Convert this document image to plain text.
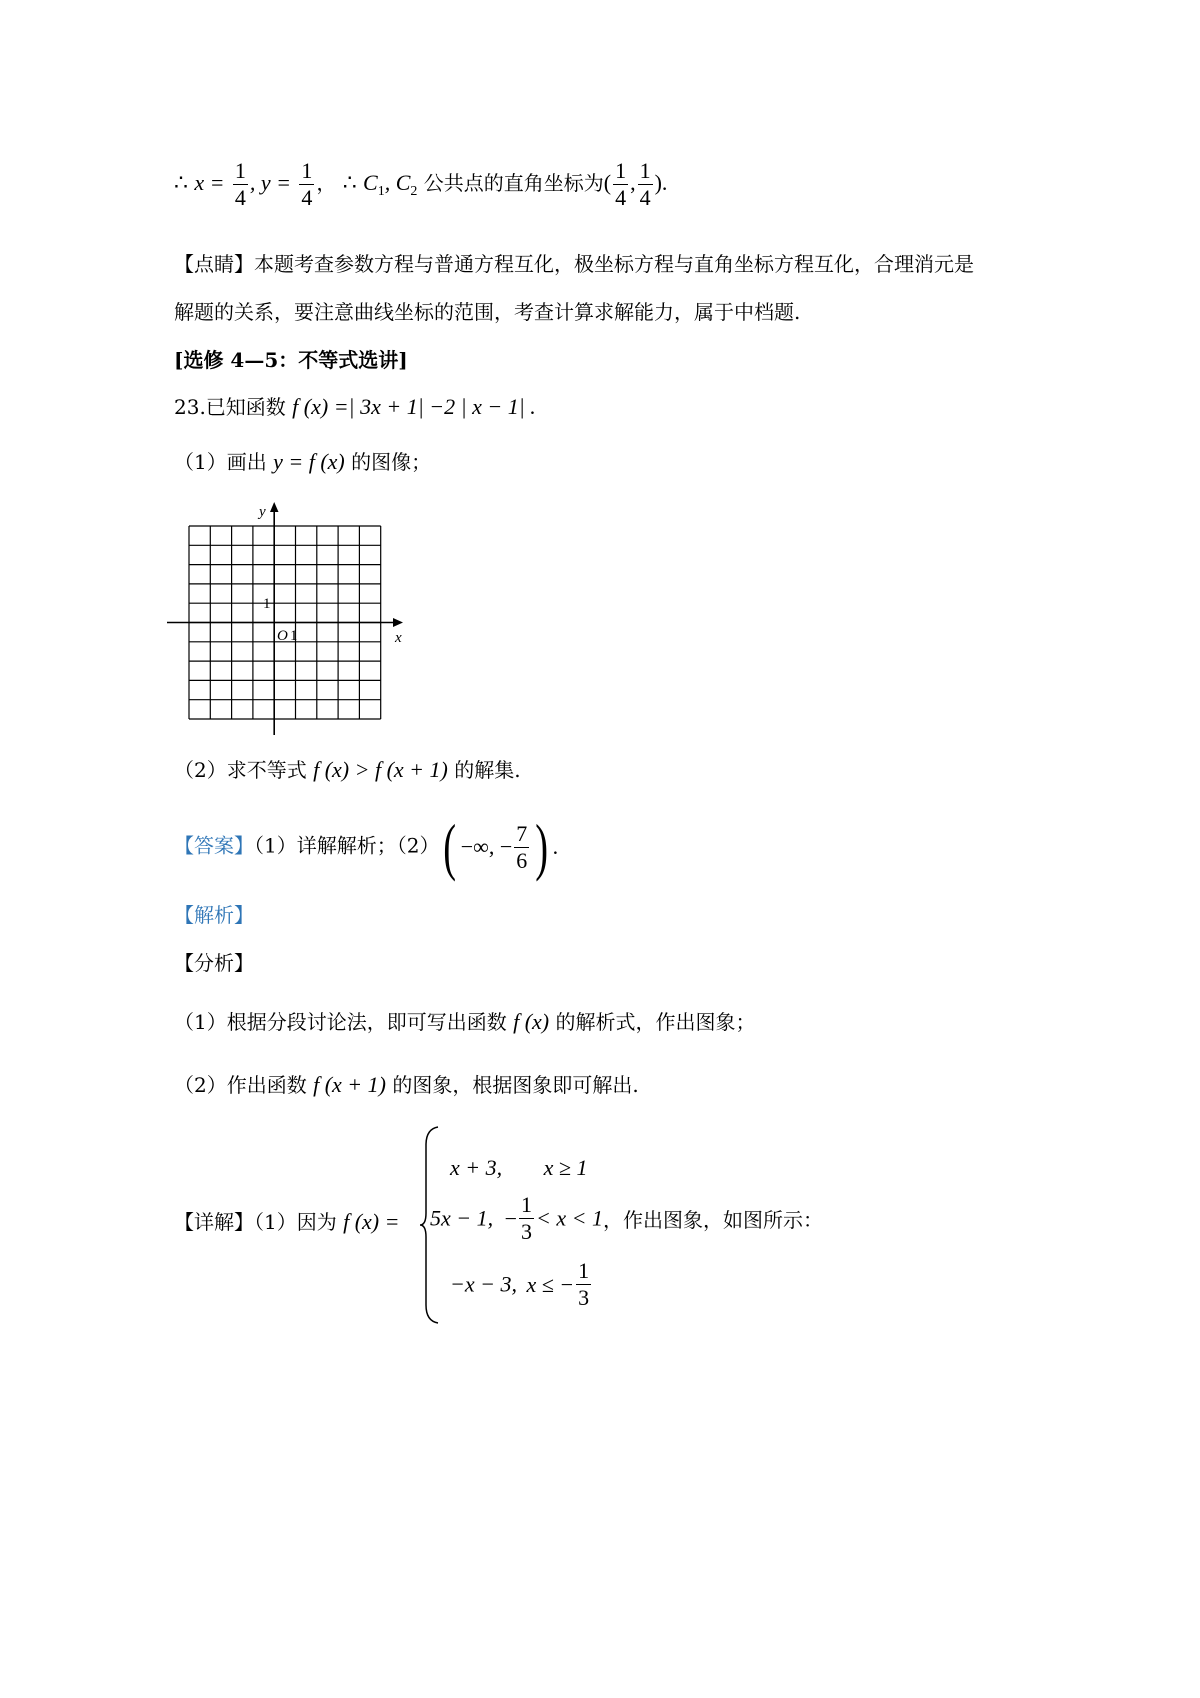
∴ $x = \frac{1}{4}$ , $y = \frac{1}{4}$ ， ∴ $C_1$, $C_2$ 公共点的直角坐标为( $\frac{1}{4}$ , $\frac{1}{4}$ ).
【点睛】本题考查参数方程与普通方程互化，极坐标方程与直角坐标方程互化，合理消元是
解题的关系，要注意曲线坐标的范围，考查计算求解能力，属于中档题.
[选修 4—5：不等式选讲]
23.已知函数 f (x) =| 3x + 1| −2 | x − 1| .
（1）画出 y = f (x) 的图像；
y
x
1
O 1
（2）求不等式 f (x) > f (x + 1) 的解集.
【答案】（1）详解解析；（2）( −∞, − $\frac{7}{6}$ ) .
【解析】
【分析】
（1）根据分段讨论法，即可写出函数 f (x) 的解析式，作出图象；
（2）作出函数 f (x + 1) 的图象，根据图象即可解出.
【详解】（1）因为 f (x) =
x + 3, x ≥ 1
5x − 1, − $\frac{1}{3} < x < 1$，作出图象，如图所示：
−x − 3, x ≤ − $\frac{1}{3}$
